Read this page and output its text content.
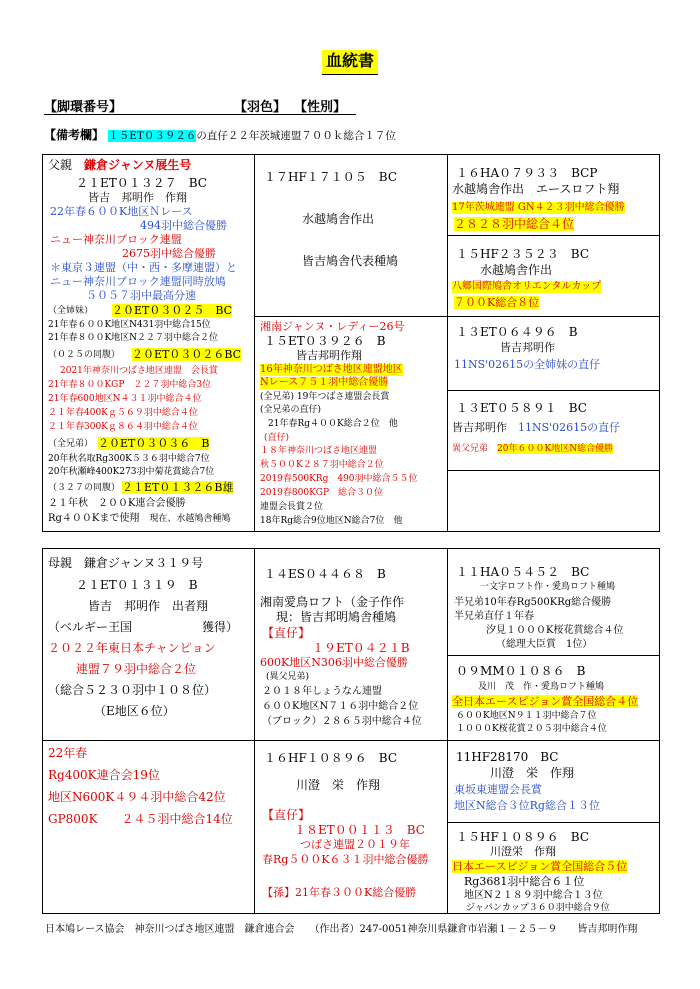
血統書
【脚環番号】	【羽色】 【性別】
【備考欄】 １５ET０３９２６の直仔２２年茨城連盟７００ｋ総合１７位
父親　 鎌倉ジャンヌ展生号
２１ET０１３２７　BC
皆吉　邦明作　作翔
22年春６００K地区Ｎレース
494羽中総合優勝
ニュー神奈川ブロック連盟
2675羽中総合優勝
＊東京３連盟（中・西・多摩連盟）と
ニュー神奈川ブロック連盟同時放鳩
５０５７羽中最高分速
（全姉妹） ２０ET０３０２５　BC
21年春６００K地区N431羽中総合15位
21年春８００K地区N２２７羽中総合２位
（０２５の同腹） ２０ET０３０２６BC
2021年神奈川つばさ地区連盟　会長賞
21年春８００KGP　２２７羽中総合3位
21年春600地区N４３１羽中総合４位
２１年春400Kｇ５６９羽中総合４位
２１年春300Kｇ８６４羽中総合４位
（全兄弟） ２０ET０３０３６　B
20年秋名取Rg300K５３６羽中総合7位
20年秋瀬峰400K273羽中菊花賞総合7位
（３２７の同腹） ２１ET０１３２６B雄
２１年秋　２００K連合会優勝
Rg４００Kまで使翔　 現在、水越鳩舎種鳩
１７HF１７１０５　BC
水越鳩舎作出
皆吉鳩舎代表種鳩
１６HA０７９３３　BCP
水越鳩舎作出　エースロフト翔
17年茨城連盟 GN４２３羽中総合優勝
２８２８羽中総合４位
１５HF２３５２３　BC
水越鳩舎作出
八郷国際鳩舎オリエンタルカップ
７００K総合８位
湘南ジャンヌ・レディー26号
１５ET０３９２６　B
皆吉邦明作翔
16年神奈川つばさ地区連盟地区
Nレース７５１羽中総合優勝
(全兄弟) 19年つばさ連盟会長賞
(全兄弟の直仔)
21年春Rg４００K総合２位　他
(直仔)
１８年神奈川つばさ地区連盟
秋５００K２８７羽中総合２位
2019春500KRg　490羽中総合５５位
2019春800KGP　総合３０位
連盟会長賞２位
18年Rg総合9位地区N総合7位　他
１３ET０６４９６　B
皆吉邦明作
11NS'02615の全姉妹の直仔
１３ET０５８９１　BC
皆吉邦明作　 11NS'02615の直仔
異父兄弟　 20年６００K地区N総合優勝
母親　 鎌倉ジャンヌ３１９号
２１ET０１３１９　B
皆吉　邦明作　出者翔
（ベルギー王国	獲得）
２０２２年東日本チャンピョン
連盟７９羽中総合２位
（総合５２３０羽中１０８位）
（E地区６位）
22年春
Rg400K連合会19位
地区N600K４９４羽中総合42位
GP800K　　２４５羽中総合14位
１４ES０４４６８　B
湘南愛鳥ロフト（金子作作
現：皆吉邦明鳩舎種鳩
【直仔】
１９ET０４２１B
600K地区N306羽中総合優勝
(異父兄弟)
２０１８年しょうなん連盟
６００K地区N７１６羽中総合２位
（ブロック）２８６５羽中総合４位
１１HA０５４５２　BC
一文字ロフト作・愛鳥ロフト種鳩
半兄弟10年春Rg500KRg総合優勝
半兄弟直仔１年春
汐見１０００K桜花賞総合４位
（総理大臣賞　1位）
０９MM０１０８６　B
及川　茂　作・愛鳥ロフト種鳩
全日本エースピジョン賞全国総合４位
６００K地区N９１１羽中総合７位
１０００K桜花賞２０５羽中総合４位
１６HF１０８９６　BC
川澄　栄　作翔
【直仔】
１８ET００１１３　BC
つばさ連盟２０１９年
春Rg５００K６３１羽中総合優勝
【孫】21年春３００K総合優勝
11HF28170　BC
川澄　栄　作翔
東坂東連盟会長賞
地区N総合３位Rg総合１３位
１５HF１０８９６　BC
川澄栄　作翔
日本エースピジョン賞全国総合５位
Rg3681羽中総合６１位
地区N２１８９羽中総合１３位
ジャパンカップ３６０羽中総合９位
日本鳩レース協会　神奈川つばさ地区連盟　鎌倉連合会　　 （作出者）247-0051神奈川県鎌倉市岩瀬１－２５－９　　皆吉邦明作翔
